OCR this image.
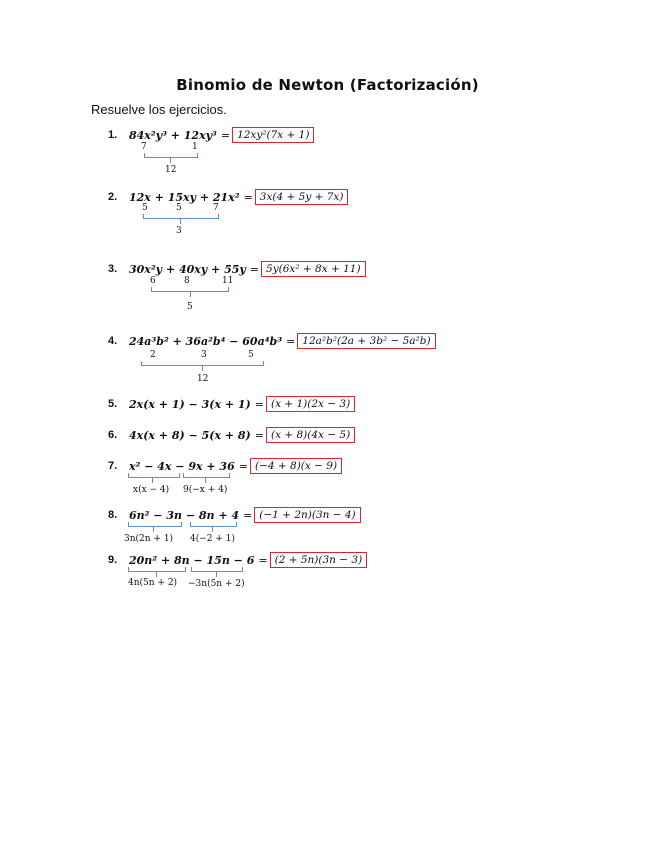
Binomio de Newton (Factorización)
Resuelve los ejercicios.
1.	84x²y³ + 12xy³ = 12xy²(7x + 1)
7	1
12
2.	12x + 15xy + 21x² = 3x(4 + 5y + 7x)
5	5	7
3
3.	30x²y + 40xy + 55y = 5y(6x² + 8x + 11)
6	8	11
5
4.	24a³b² + 36a²b⁴ − 60a⁴b³ = 12a²b²(2a + 3b² − 5a²b)
2	3	5
12
5.	2x(x + 1) − 3(x + 1) = (x + 1)(2x − 3)
6.	4x(x + 8) − 5(x + 8) = (x + 8)(4x − 5)
7.	x² − 4x − 9x + 36 = (−4 + 8)(x − 9)
x(x − 4) 9(−x + 4)
8.	6n² − 3n − 8n + 4 = (−1 + 2n)(3n − 4)
3n(2n + 1) 4(−2 + 1)
9.	20n² + 8n − 15n − 6 = (2 + 5n)(3n − 3)
4n(5n + 2) −3n(5n + 2)
